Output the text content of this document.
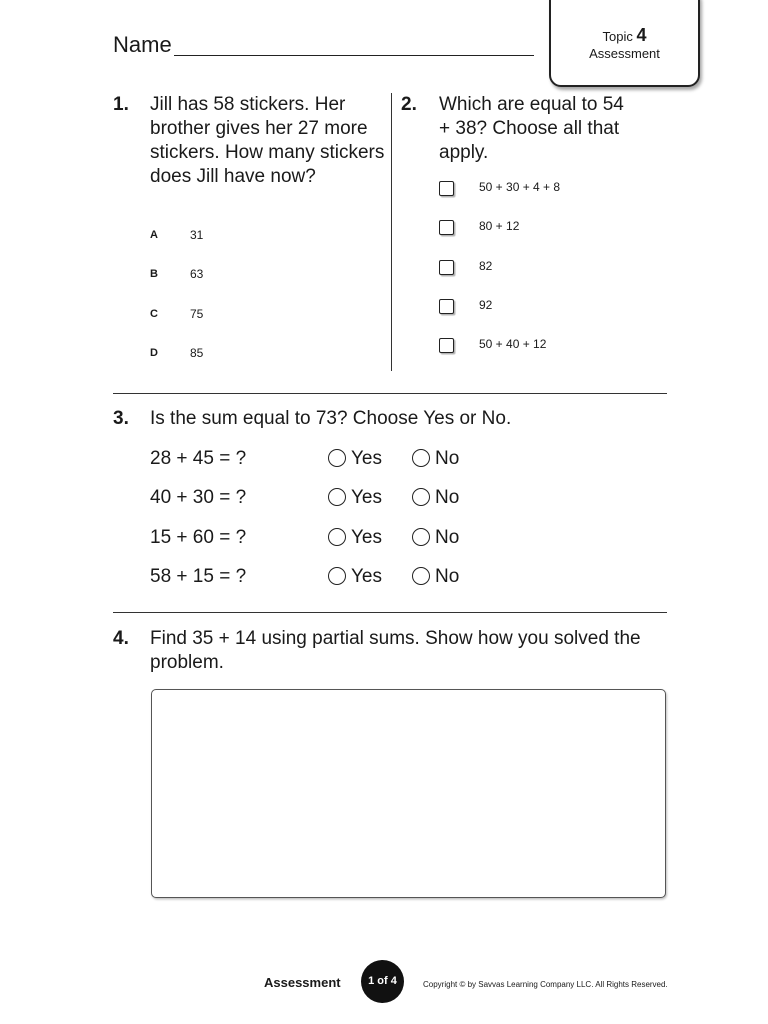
Name	Topic 4
Assessment
1. Jill has 58 stickers. Her brother gives her 27 more stickers. How many stickers does Jill have now?
A	31
B	63
C	75
D	85
2. Which are equal to 54 + 38? Choose all that apply.
50 + 30 + 4 + 8
80 + 12
82
92
50 + 40 + 12
3. Is the sum equal to 73? Choose Yes or No.
28 + 45 = ?	Yes	No
40 + 30 = ?	Yes	No
15 + 60 = ?	Yes	No
58 + 15 = ?	Yes	No
4. Find 35 + 14 using partial sums. Show how you solved the problem.
Assessment	1 of 4	Copyright © by Savvas Learning Company LLC. All Rights Reserved.
